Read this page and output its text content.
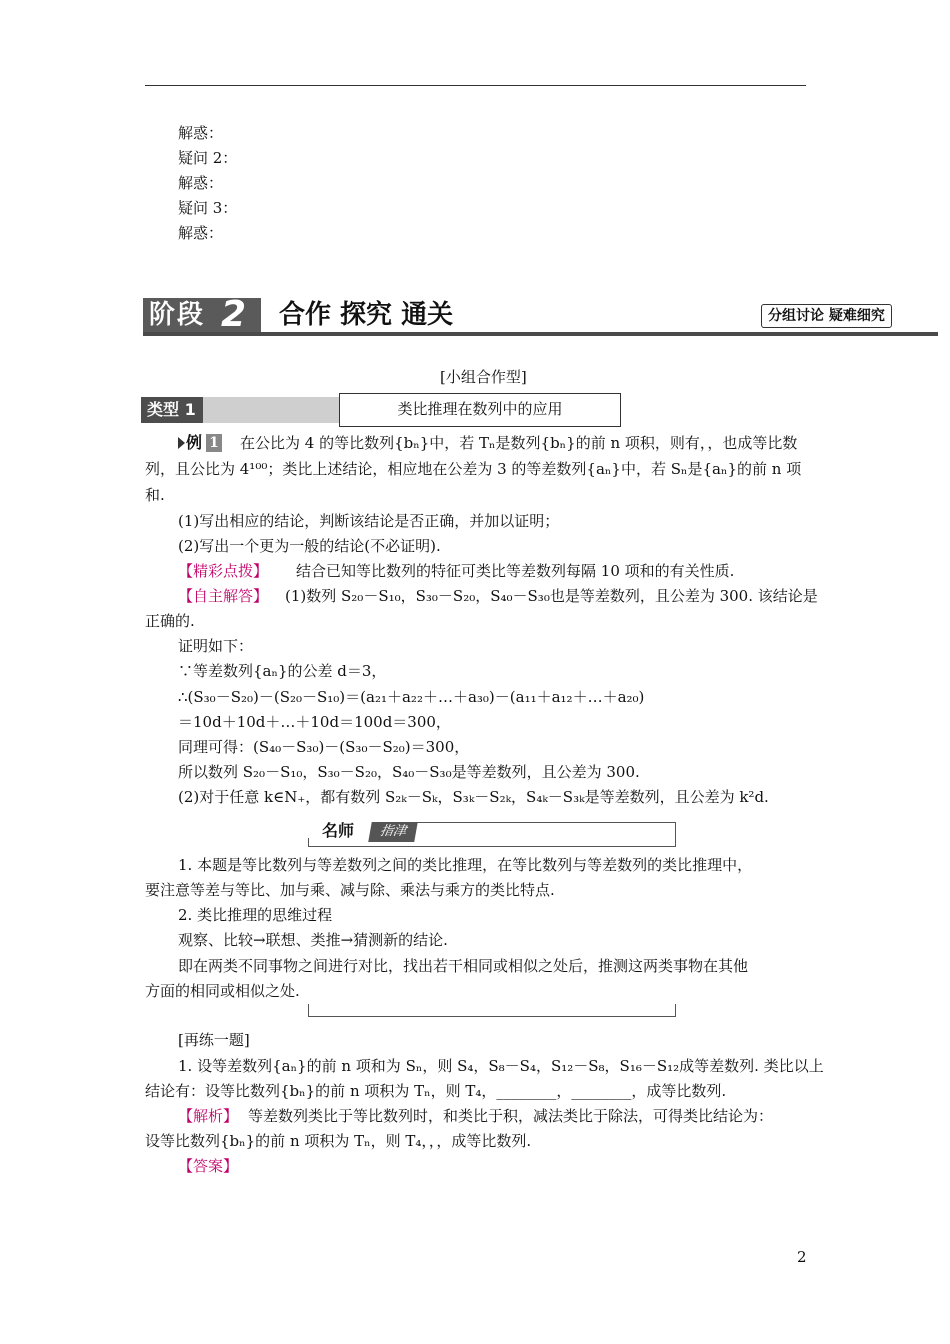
解惑：
疑问 2：
解惑：
疑问 3：
解惑：
阶段 2 合作 探究 通关	分组讨论 疑难细究
[小组合作型]
类型 1	类比推理在数列中的应用
例 1 在公比为 4 的等比数列{bₙ}中，若 Tₙ是数列{bₙ}的前 n 项积，则有，，也成等比数
列，且公比为 4¹⁰⁰；类比上述结论，相应地在公差为 3 的等差数列{aₙ}中，若 Sₙ是{aₙ}的前 n 项
和.
(1)写出相应的结论，判断该结论是否正确，并加以证明；
(2)写出一个更为一般的结论(不必证明).
【精彩点拨】 结合已知等比数列的特征可类比等差数列每隔 10 项和的有关性质.
【自主解答】 (1)数列 S₂₀－S₁₀，S₃₀－S₂₀，S₄₀－S₃₀也是等差数列，且公差为 300. 该结论是
正确的.
证明如下：
∵等差数列{aₙ}的公差 d＝3，
∴(S₃₀－S₂₀)－(S₂₀－S₁₀)＝(a₂₁＋a₂₂＋…＋a₃₀)－(a₁₁＋a₁₂＋…＋a₂₀)
＝10d＋10d＋…＋10d＝100d＝300，
同理可得：(S₄₀－S₃₀)－(S₃₀－S₂₀)＝300，
所以数列 S₂₀－S₁₀，S₃₀－S₂₀，S₄₀－S₃₀是等差数列，且公差为 300.
(2)对于任意 k∈N₊，都有数列 S₂ₖ－Sₖ，S₃ₖ－S₂ₖ，S₄ₖ－S₃ₖ是等差数列，且公差为 k²d.
名师	指津
1. 本题是等比数列与等差数列之间的类比推理，在等比数列与等差数列的类比推理中，
要注意等差与等比、加与乘、减与除、乘法与乘方的类比特点.
2. 类比推理的思维过程
观察、比较→联想、类推→猜测新的结论.
即在两类不同事物之间进行对比，找出若干相同或相似之处后，推测这两类事物在其他
方面的相同或相似之处.
[再练一题]
1. 设等差数列{aₙ}的前 n 项和为 Sₙ，则 S₄，S₈－S₄，S₁₂－S₈，S₁₆－S₁₂成等差数列. 类比以上
结论有：设等比数列{bₙ}的前 n 项积为 Tₙ，则 T₄，________，________，成等比数列.
【解析】 等差数列类比于等比数列时，和类比于积，减法类比于除法，可得类比结论为：
设等比数列{bₙ}的前 n 项积为 Tₙ，则 T₄，，，成等比数列.
【答案】
2
